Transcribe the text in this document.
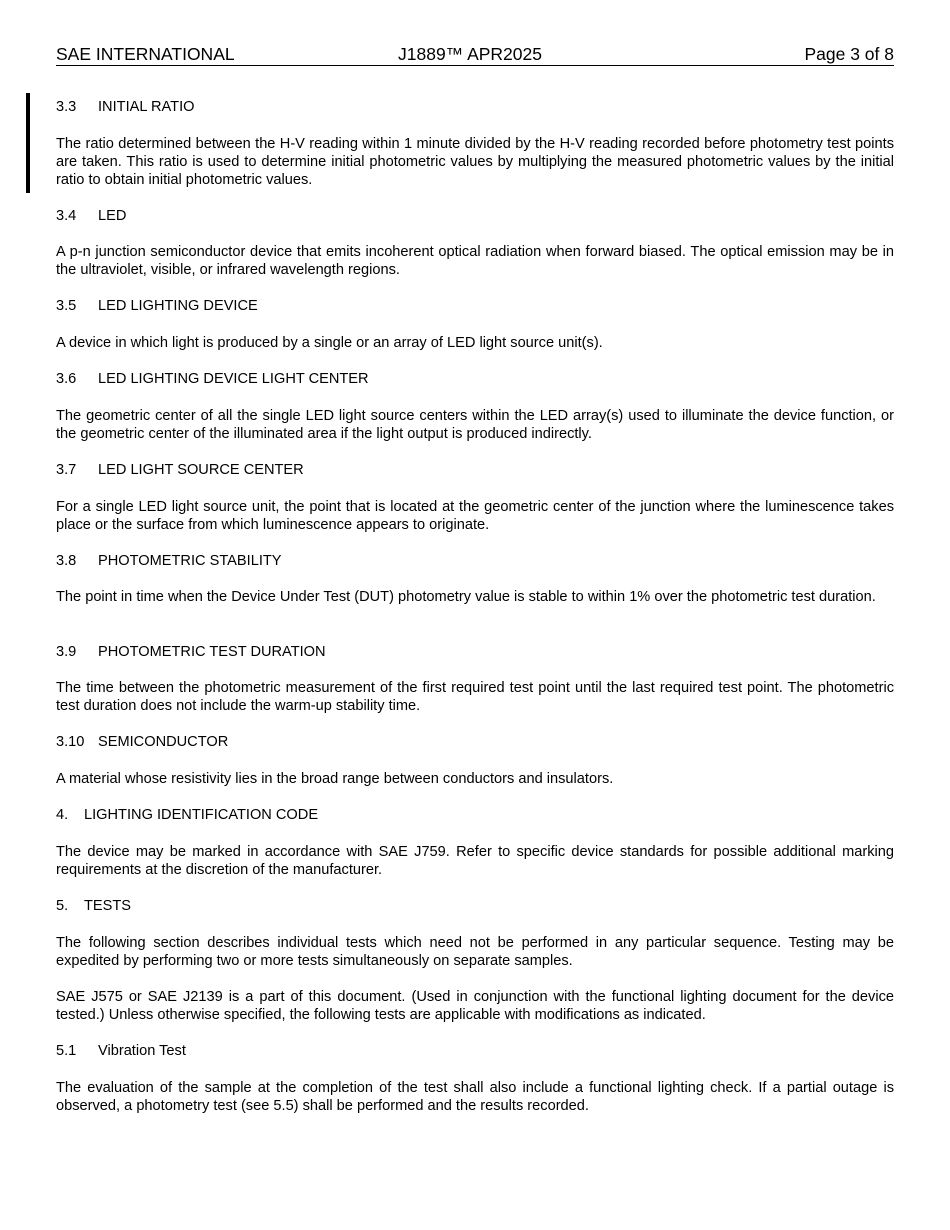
SAE INTERNATIONAL	J1889™ APR2025	Page 3 of 8
3.3 INITIAL RATIO
The ratio determined between the H-V reading within 1 minute divided by the H-V reading recorded before photometry test points are taken. This ratio is used to determine initial photometric values by multiplying the measured photometric values by the initial ratio to obtain initial photometric values.
3.4 LED
A p-n junction semiconductor device that emits incoherent optical radiation when forward biased. The optical emission may be in the ultraviolet, visible, or infrared wavelength regions.
3.5 LED LIGHTING DEVICE
A device in which light is produced by a single or an array of LED light source unit(s).
3.6 LED LIGHTING DEVICE LIGHT CENTER
The geometric center of all the single LED light source centers within the LED array(s) used to illuminate the device function, or the geometric center of the illuminated area if the light output is produced indirectly.
3.7 LED LIGHT SOURCE CENTER
For a single LED light source unit, the point that is located at the geometric center of the junction where the luminescence takes place or the surface from which luminescence appears to originate.
3.8 PHOTOMETRIC STABILITY
The point in time when the Device Under Test (DUT) photometry value is stable to within 1% over the photometric test duration.
3.9 PHOTOMETRIC TEST DURATION
The time between the photometric measurement of the first required test point until the last required test point. The photometric test duration does not include the warm-up stability time.
3.10 SEMICONDUCTOR
A material whose resistivity lies in the broad range between conductors and insulators.
4. LIGHTING IDENTIFICATION CODE
The device may be marked in accordance with SAE J759. Refer to specific device standards for possible additional marking requirements at the discretion of the manufacturer.
5. TESTS
The following section describes individual tests which need not be performed in any particular sequence. Testing may be expedited by performing two or more tests simultaneously on separate samples.
SAE J575 or SAE J2139 is a part of this document. (Used in conjunction with the functional lighting document for the device tested.) Unless otherwise specified, the following tests are applicable with modifications as indicated.
5.1 Vibration Test
The evaluation of the sample at the completion of the test shall also include a functional lighting check. If a partial outage is observed, a photometry test (see 5.5) shall be performed and the results recorded.
